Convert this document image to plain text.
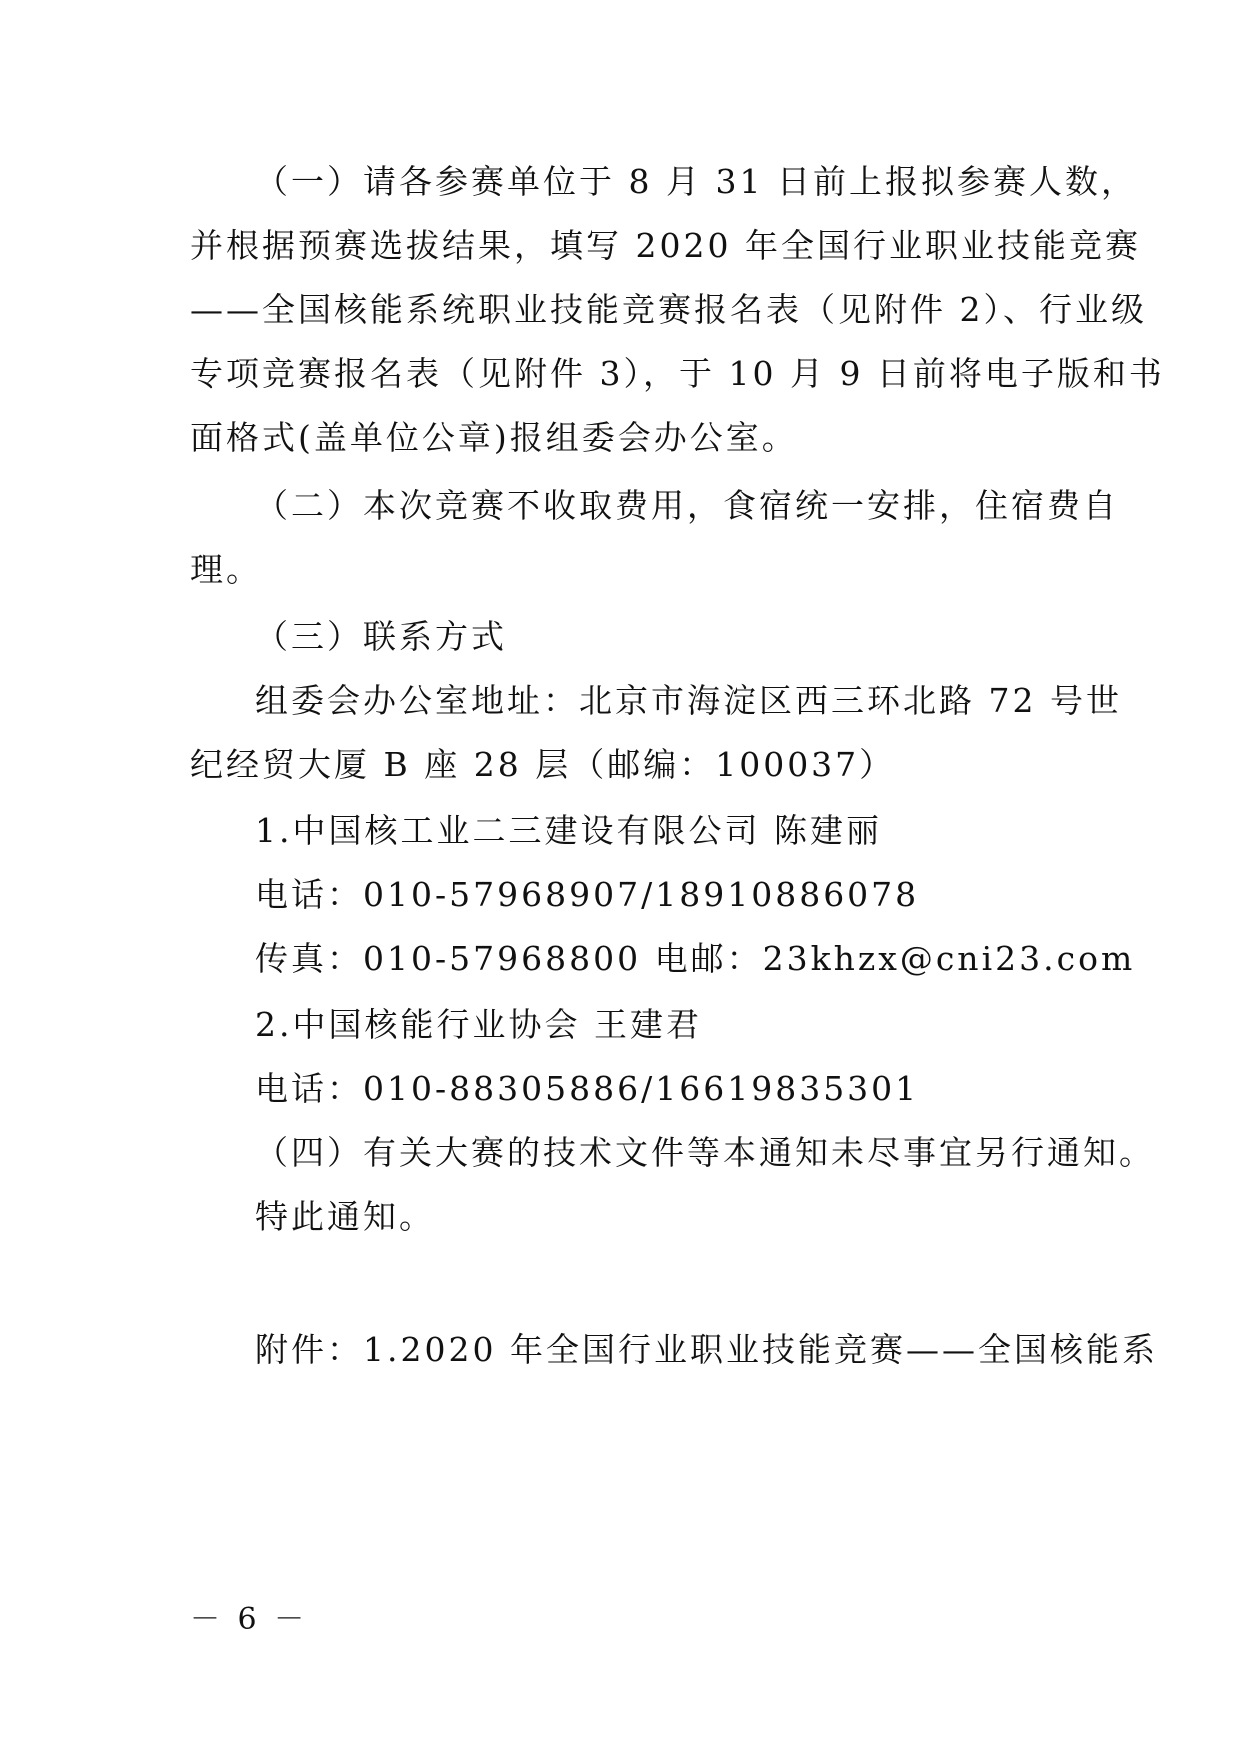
（一）请各参赛单位于 8 月 31 日前上报拟参赛人数，
并根据预赛选拔结果，填写 2020 年全国行业职业技能竞赛
——全国核能系统职业技能竞赛报名表（见附件 2）、行业级
专项竞赛报名表（见附件 3），于 10 月 9 日前将电子版和书
面格式(盖单位公章)报组委会办公室。
（二）本次竞赛不收取费用，食宿统一安排，住宿费自
理。
（三）联系方式
组委会办公室地址：北京市海淀区西三环北路 72 号世
纪经贸大厦 B 座 28 层（邮编：100037）
1.中国核工业二三建设有限公司 陈建丽
电话：010-57968907/18910886078
传真：010-57968800 电邮：23khzx@cni23.com
2.中国核能行业协会 王建君
电话：010-88305886/16619835301
（四）有关大赛的技术文件等本通知未尽事宜另行通知。
特此通知。
附件：1.2020 年全国行业职业技能竞赛——全国核能系
－ 6 －
